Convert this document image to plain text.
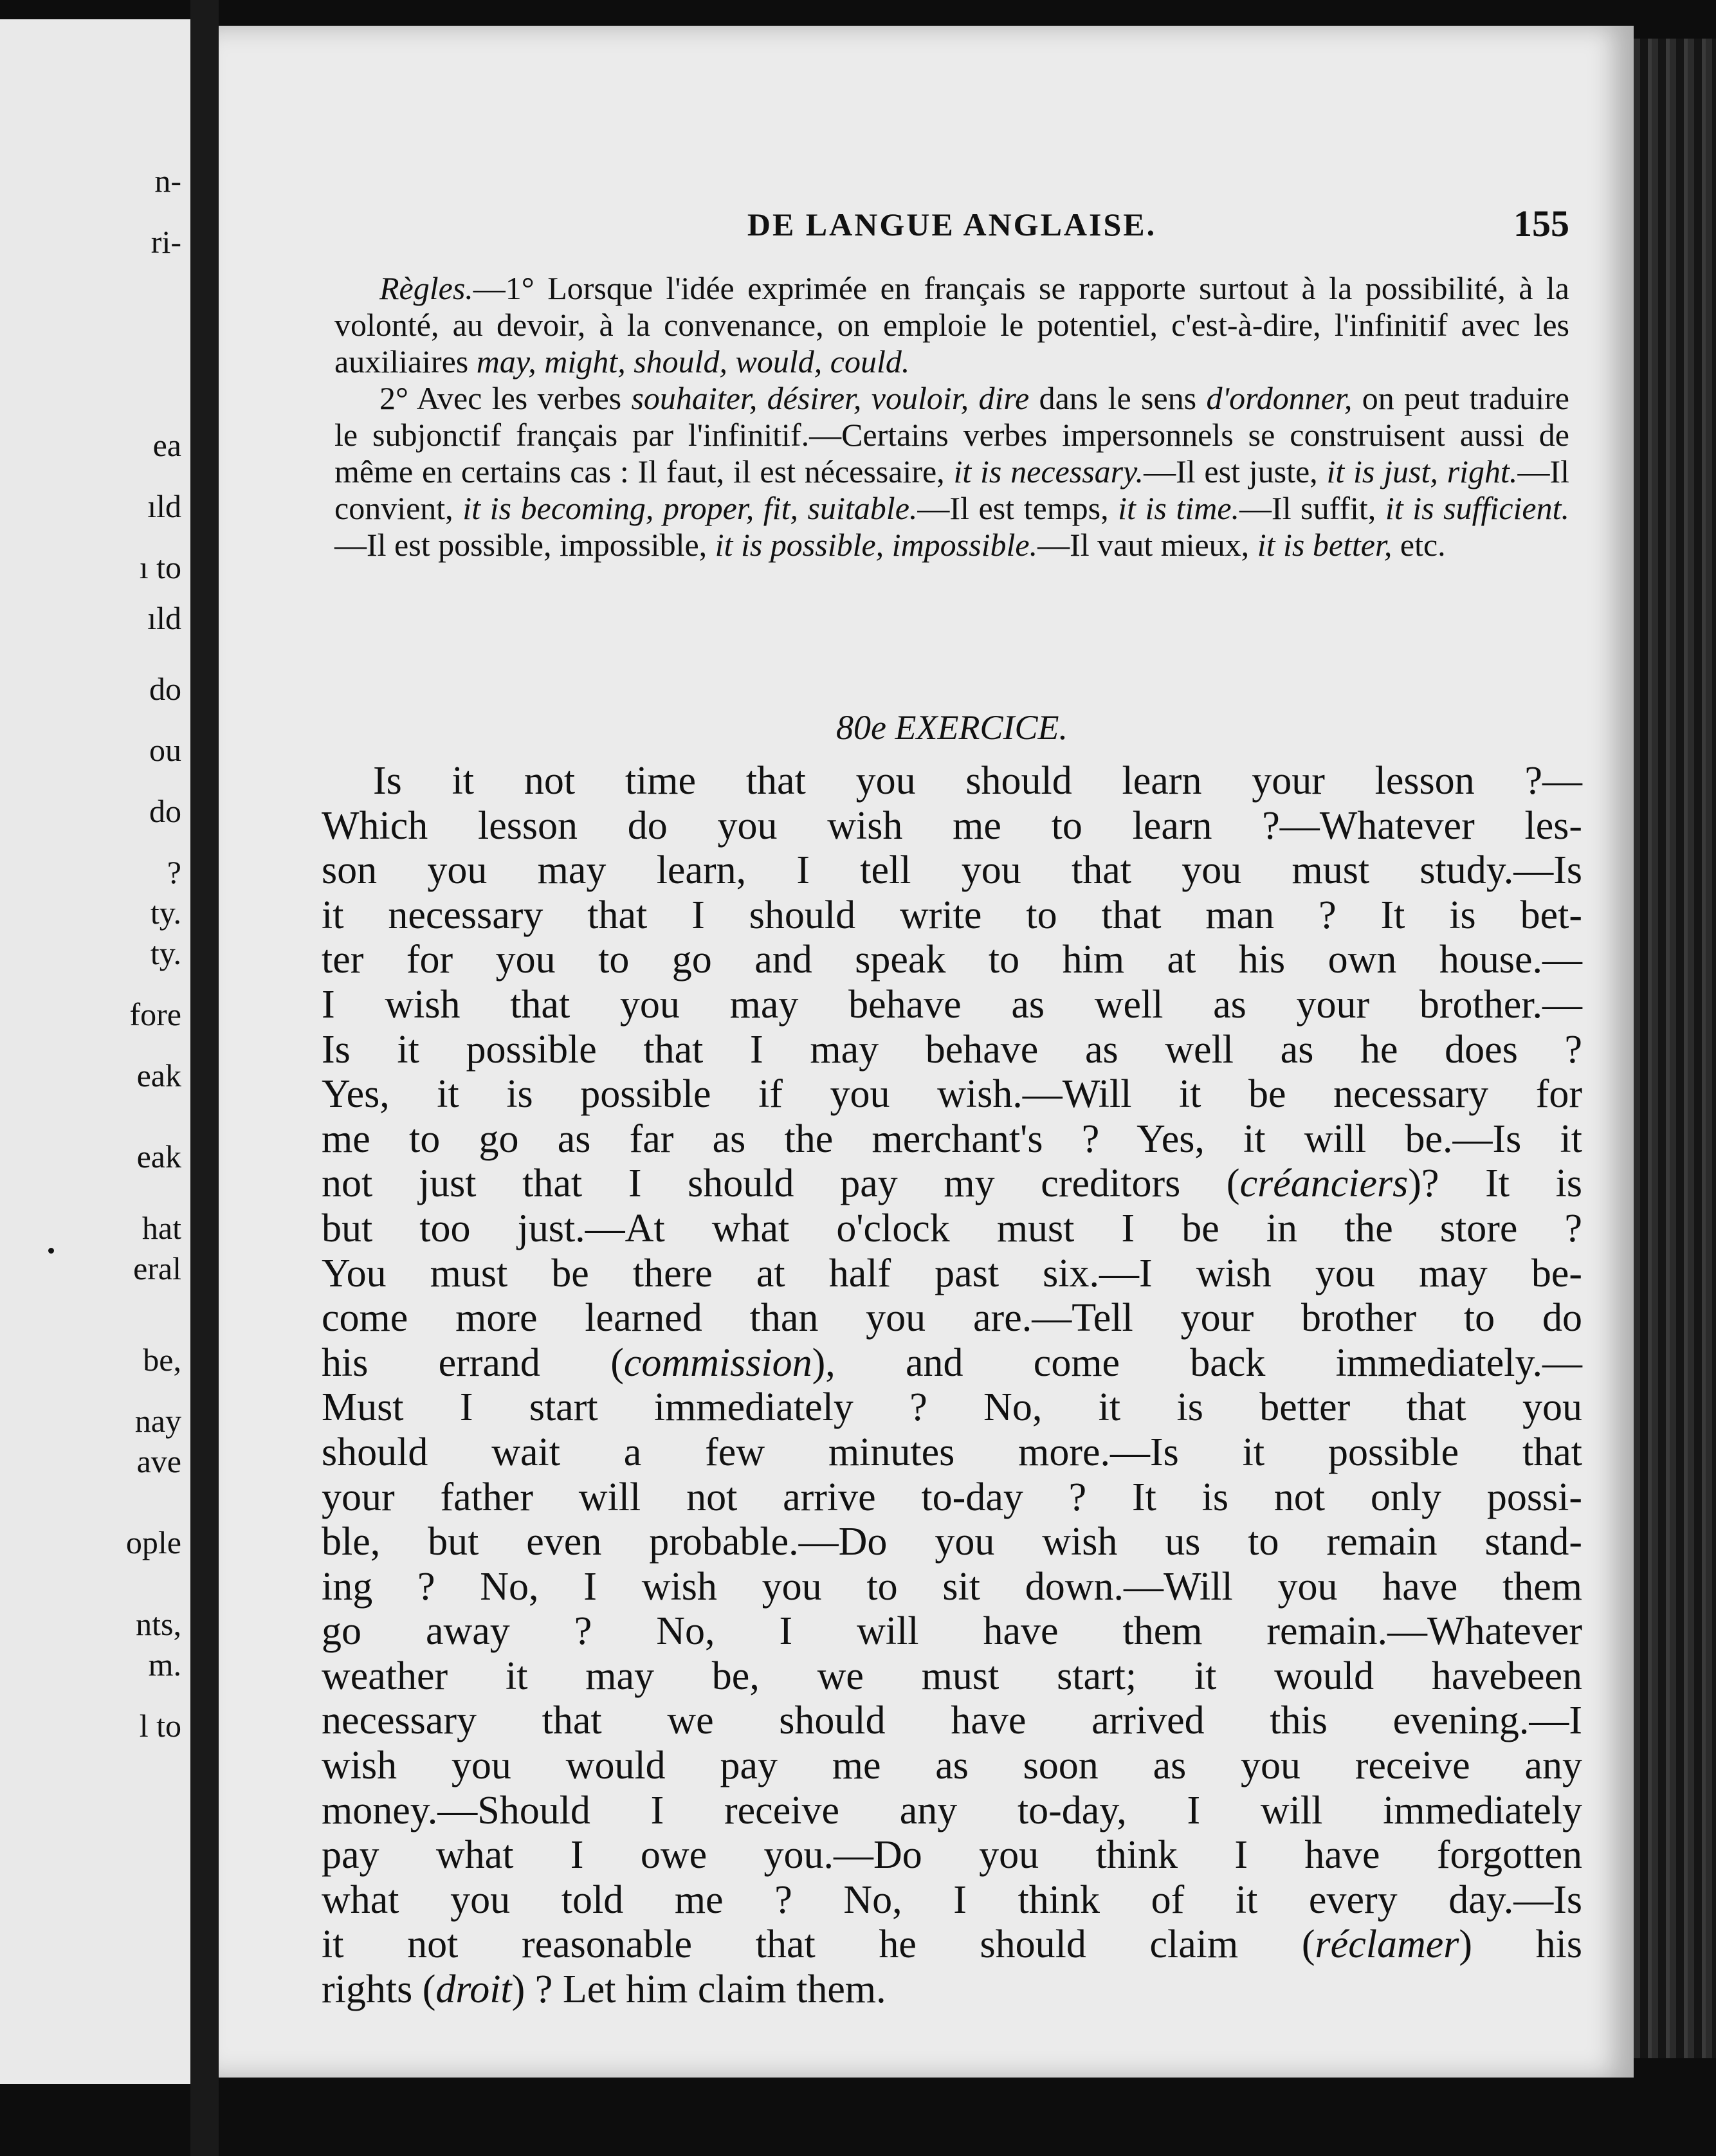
n-
ri-
ea
ıld
ı to
ıld
do
ou
do
?
ty.
ty.
fore
eak
eak
hat
eral
be,
nay
ave
ople
nts,
m.
l to
DE LANGUE ANGLAISE.	155

Règles.—1° Lorsque l'idée exprimée en français se rapporte surtout à la possibilité, à la volonté, au devoir, à la convenance, on emploie le potentiel, c'est-à-dire, l'infinitif avec les auxiliaires may, might, should, would, could.

2° Avec les verbes souhaiter, désirer, vouloir, dire dans le sens d'ordonner, on peut traduire le subjonctif français par l'infinitif.—Certains verbes impersonnels se construisent aussi de même en certains cas : Il faut, il est nécessaire, it is necessary.—Il est juste, it is just, right.—Il convient, it is becoming, proper, fit, suitable.—Il est temps, it is time.—Il suffit, it is sufficient.—Il est possible, impossible, it is possible, impossible.—Il vaut mieux, it is better, etc.

80e EXERCICE.
Is it not time that you should learn your lesson ?—
Which lesson do you wish me to learn ?—Whatever les-
son you may learn, I tell you that you must study.—Is
it necessary that I should write to that man ? It is bet-
ter for you to go and speak to him at his own house.—
I wish that you may behave as well as your brother.—
Is it possible that I may behave as well as he does ?
Yes, it is possible if you wish.—Will it be necessary for
me to go as far as the merchant's ? Yes, it will be.—Is it
not just that I should pay my creditors (créanciers)? It is
but too just.—At what o'clock must I be in the store ?
You must be there at half past six.—I wish you may be-
come more learned than you are.—Tell your brother to do
his errand (commission), and come back immediately.—
Must I start immediately ? No, it is better that you
should wait a few minutes more.—Is it possible that
your father will not arrive to-day ? It is not only possi-
ble, but even probable.—Do you wish us to remain stand-
ing ? No, I wish you to sit down.—Will you have them
go away ? No, I will have them remain.—Whatever
weather it may be, we must start; it would havebeen
necessary that we should have arrived this evening.—I
wish you would pay me as soon as you receive any
money.—Should I receive any to-day, I will immediately
pay what I owe you.—Do you think I have forgotten
what you told me ? No, I think of it every day.—Is
it not reasonable that he should claim (réclamer) his
rights (droit) ? Let him claim them.
